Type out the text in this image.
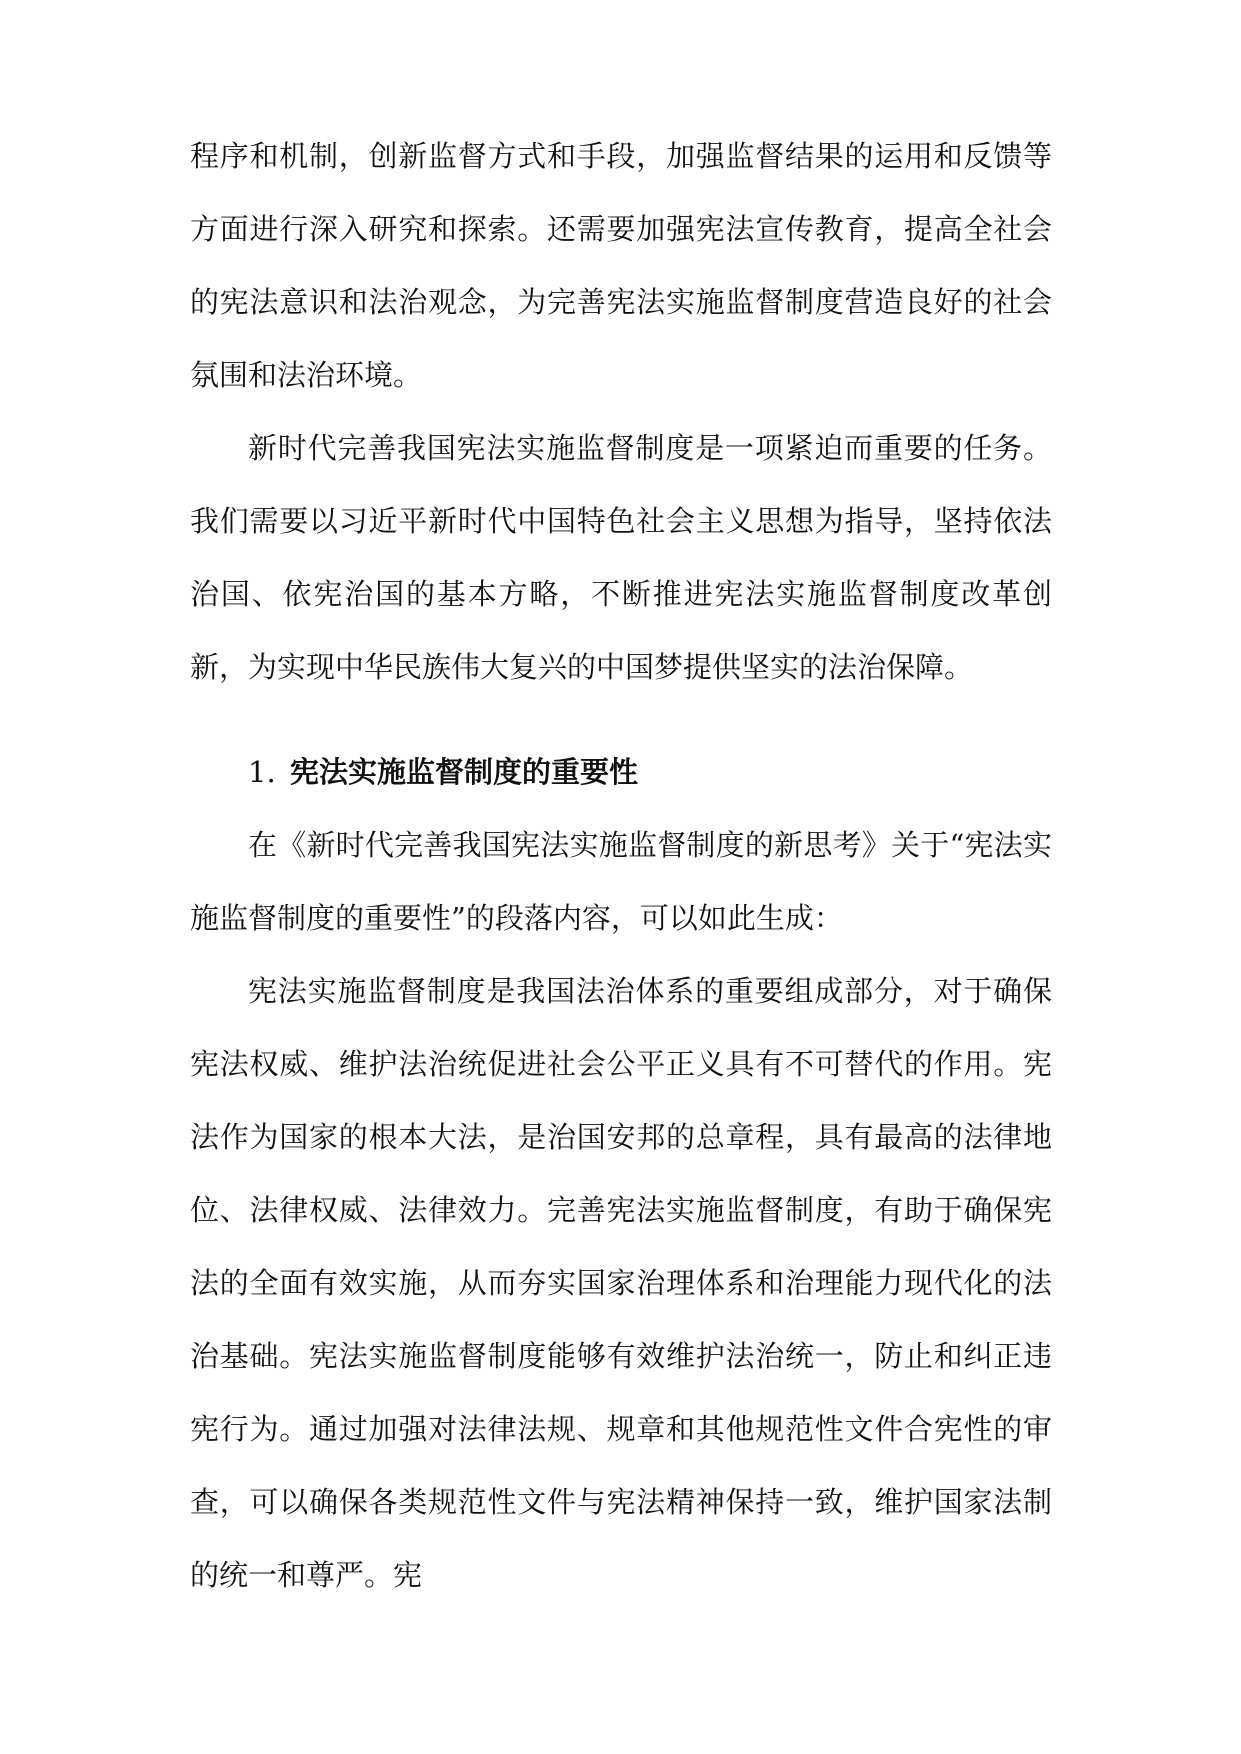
程序和机制，创新监督方式和手段，加强监督结果的运用和反馈等方面进行深入研究和探索。还需要加强宪法宣传教育，提高全社会的宪法意识和法治观念，为完善宪法实施监督制度营造良好的社会氛围和法治环境。

新时代完善我国宪法实施监督制度是一项紧迫而重要的任务。我们需要以习近平新时代中国特色社会主义思想为指导，坚持依法治国、依宪治国的基本方略，不断推进宪法实施监督制度改革创新，为实现中华民族伟大复兴的中国梦提供坚实的法治保障。

1. 宪法实施监督制度的重要性

在《新时代完善我国宪法实施监督制度的新思考》关于“宪法实施监督制度的重要性”的段落内容，可以如此生成：

宪法实施监督制度是我国法治体系的重要组成部分，对于确保宪法权威、维护法治统促进社会公平正义具有不可替代的作用。宪法作为国家的根本大法，是治国安邦的总章程，具有最高的法律地位、法律权威、法律效力。完善宪法实施监督制度，有助于确保宪法的全面有效实施，从而夯实国家治理体系和治理能力现代化的法治基础。宪法实施监督制度能够有效维护法治统一，防止和纠正违宪行为。通过加强对法律法规、规章和其他规范性文件合宪性的审查，可以确保各类规范性文件与宪法精神保持一致，维护国家法制的统一和尊严。宪
